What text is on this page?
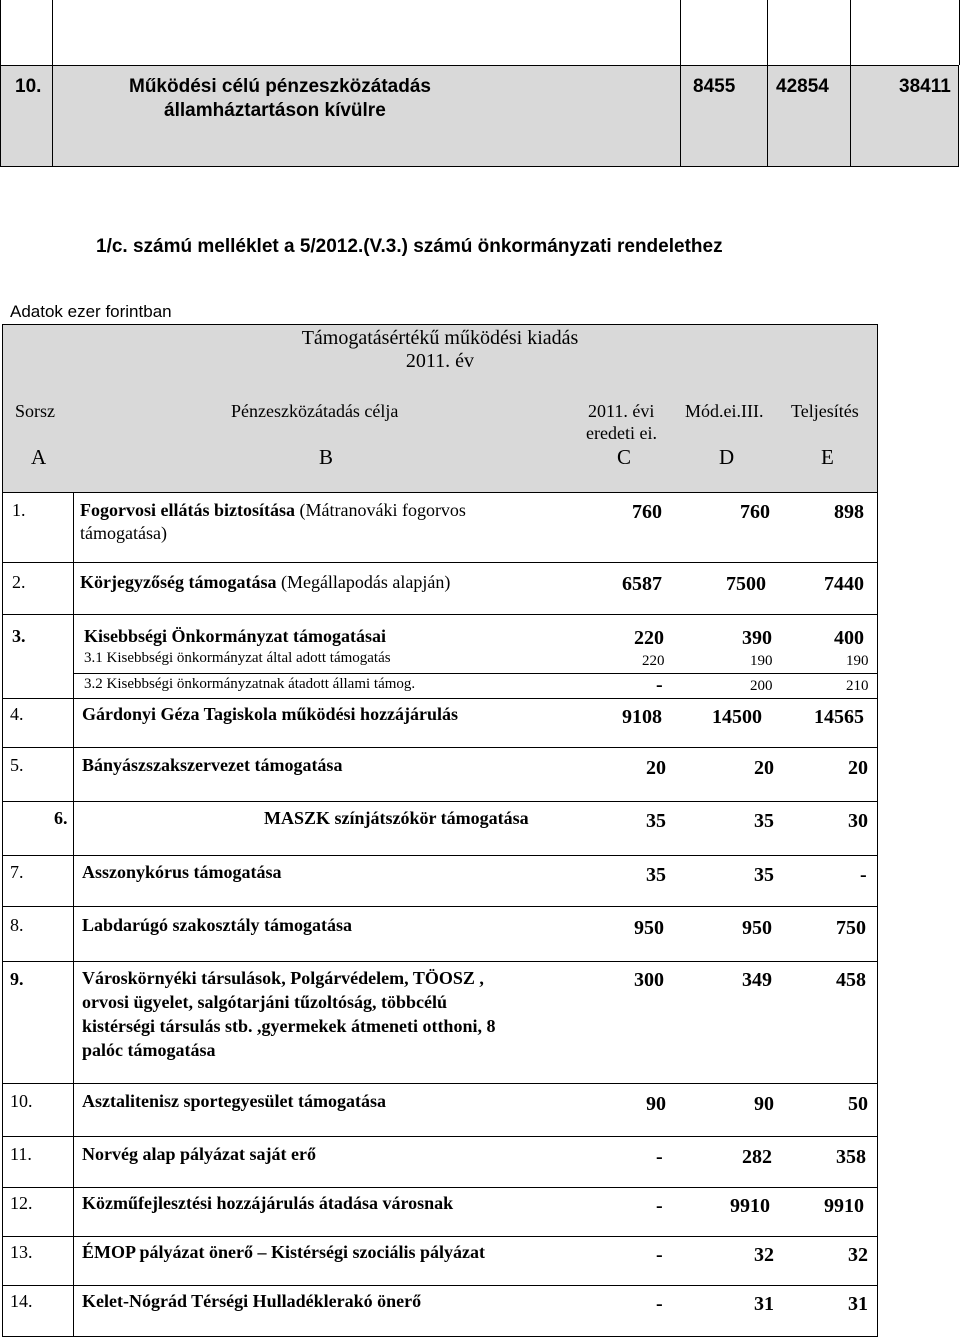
10.	Működési célú pénzeszközátadás
államháztartáson kívülre
8455 42854	38411
1/c. számú melléklet a 5/2012.(V.3.) számú önkormányzati rendelethez
Adatok ezer forintban
Támogatásértékű működési kiadás
2011. év
Sorsz	Pénzeszközátadás célja	2011. évi
eredeti ei.
Mód.ei.III. Teljesítés
A	B	C	D	E
1.	Fogorvosi ellátás biztosítása (Mátranováki fogorvos
támogatása)
760	760	898
2.	Körjegyzőség támogatása (Megállapodás alapján)	6587	7500	7440
3.	Kisebbségi Önkormányzat támogatásai	220	390	400
3.1 Kisebbségi önkormányzat által adott támogatás	220	190	190
3.2 Kisebbségi önkormányzatnak átadott állami támog.	-	200	210
4.	Gárdonyi Géza Tagiskola működési hozzájárulás	9108	14500	14565
5.	Bányászszakszervezet támogatása	20	20	20
6.	MASZK színjátszókör támogatása	35	35	30
7.	Asszonykórus támogatása	35	35	-
8.	Labdarúgó szakosztály támogatása	950	950	750
9.	Városkörnyéki társulások, Polgárvédelem, TÖOSZ ,
orvosi ügyelet, salgótarjáni tűzoltóság, többcélú
kistérségi társulás stb. ,gyermekek átmeneti otthoni, 8
palóc támogatása
300	349	458
10.	Asztalitenisz sportegyesület támogatása	90	90	50
11.	Norvég alap pályázat saját erő	-	282	358
12.	Közműfejlesztési hozzájárulás átadása városnak	-	9910	9910
13.	ÉMOP pályázat önerő – Kistérségi szociális pályázat	-	32	32
14.	Kelet-Nógrád Térségi Hulladéklerakó önerő	-	31	31
